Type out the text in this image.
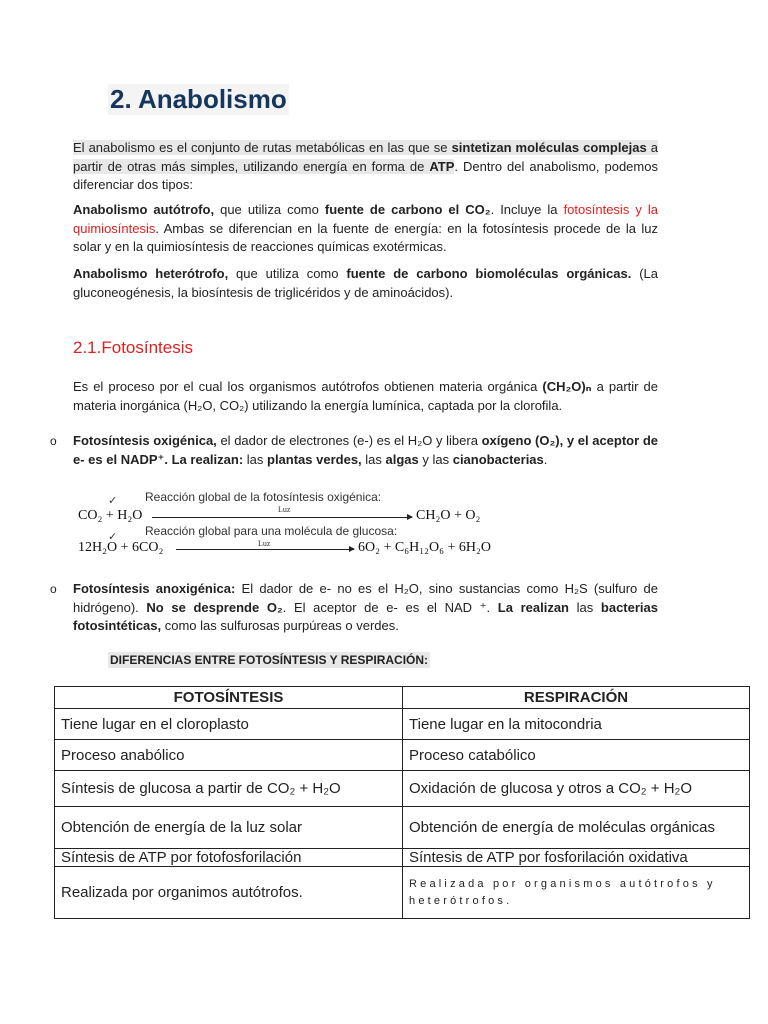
2. Anabolismo

El anabolismo es el conjunto de rutas metabólicas en las que se sintetizan moléculas complejas a partir de otras más simples, utilizando energía en forma de ATP. Dentro del anabolismo, podemos diferenciar dos tipos:

Anabolismo autótrofo, que utiliza como fuente de carbono el CO₂. Incluye la fotosíntesis y la quimiosíntesis. Ambas se diferencian en la fuente de energía: en la fotosíntesis procede de la luz solar y en la quimiosíntesis de reacciones químicas exotérmicas.

Anabolismo heterótrofo, que utiliza como fuente de carbono biomoléculas orgánicas. (La gluconeogénesis, la biosíntesis de triglicéridos y de aminoácidos).

2.1.Fotosíntesis

Es el proceso por el cual los organismos autótrofos obtienen materia orgánica (CH₂O)ₙ a partir de materia inorgánica (H₂O, CO₂) utilizando la energía lumínica, captada por la clorofila.

o Fotosíntesis oxigénica, el dador de electrones (e-) es el H₂O y libera oxígeno (O₂), y el aceptor de e- es el NADP⁺. La realizan: las plantas verdes, las algas y las cianobacterias.

✓ Reacción global de la fotosíntesis oxigénica:
CO₂ + H₂O	Luz	CH₂O + O₂
✓ Reacción global para una molécula de glucosa:
12H₂O + 6CO₂	Luz	6O₂ + C₆H₁₂O₆ + 6H₂O
o Fotosíntesis anoxigénica: El dador de e- no es el H₂O, sino sustancias como H₂S (sulfuro de hidrógeno). No se desprende O₂. El aceptor de e- es el NAD ⁺. La realizan las bacterias fotosintéticas, como las sulfurosas purpúreas o verdes.

DIFERENCIAS ENTRE FOTOSÍNTESIS Y RESPIRACIÓN:
FOTOSÍNTESIS	RESPIRACIÓN
Tiene lugar en el cloroplasto	Tiene lugar en la mitocondria
Proceso anabólico	Proceso catabólico
Síntesis de glucosa a partir de CO₂ + H₂O	Oxidación de glucosa y otros a CO₂ + H₂O
Obtención de energía de la luz solar	Obtención de energía de moléculas orgánicas
Síntesis de ATP por fotofosforilación	Síntesis de ATP por fosforilación oxidativa
Realizada por organimos autótrofos.	Realizada por organismos autótrofos y heterótrofos.
